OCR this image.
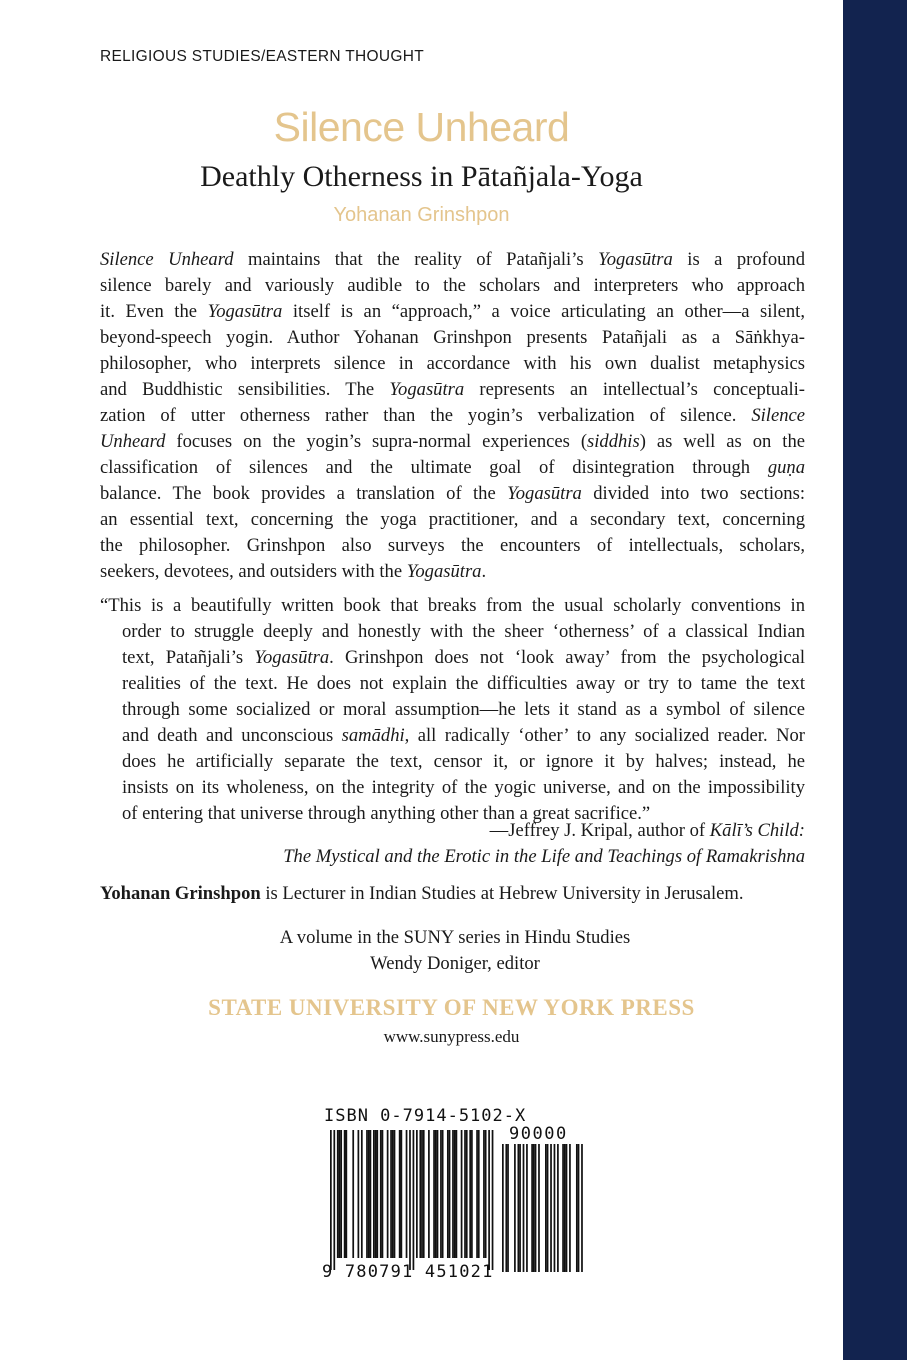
RELIGIOUS STUDIES/EASTERN THOUGHT
Silence Unheard
Deathly Otherness in Pātañjala-Yoga
Yohanan Grinshpon
Silence Unheard maintains that the reality of Patañjali’s Yogasūtra is a profound
silence barely and variously audible to the scholars and interpreters who approach
it. Even the Yogasūtra itself is an “approach,” a voice articulating an other—a silent,
beyond-speech yogin. Author Yohanan Grinshpon presents Patañjali as a Sāṅkhya-
philosopher, who interprets silence in accordance with his own dualist metaphysics
and Buddhistic sensibilities. The Yogasūtra represents an intellectual’s conceptuali-
zation of utter otherness rather than the yogin’s verbalization of silence. Silence
Unheard focuses on the yogin’s supra-normal experiences (siddhis) as well as on the
classification of silences and the ultimate goal of disintegration through guṇa
balance. The book provides a translation of the Yogasūtra divided into two sections:
an essential text, concerning the yoga practitioner, and a secondary text, concerning
the philosopher. Grinshpon also surveys the encounters of intellectuals, scholars,
seekers, devotees, and outsiders with the Yogasūtra.
“This is a beautifully written book that breaks from the usual scholarly conventions in
order to struggle deeply and honestly with the sheer ‘otherness’ of a classical Indian
text, Patañjali’s Yogasūtra. Grinshpon does not ‘look away’ from the psychological
realities of the text. He does not explain the difficulties away or try to tame the text
through some socialized or moral assumption—he lets it stand as a symbol of silence
and death and unconscious samādhi, all radically ‘other’ to any socialized reader. Nor
does he artificially separate the text, censor it, or ignore it by halves; instead, he
insists on its wholeness, on the integrity of the yogic universe, and on the impossibility
of entering that universe through anything other than a great sacrifice.”
—Jeffrey J. Kripal, author of Kālī’s Child:
The Mystical and the Erotic in the Life and Teachings of Ramakrishna
Yohanan Grinshpon is Lecturer in Indian Studies at Hebrew University in Jerusalem.
A volume in the SUNY series in Hindu Studies
Wendy Doniger, editor
STATE UNIVERSITY OF NEW YORK PRESS
www.sunypress.edu
ISBN 0-7914-5102-X
90000
9 780791 451021
